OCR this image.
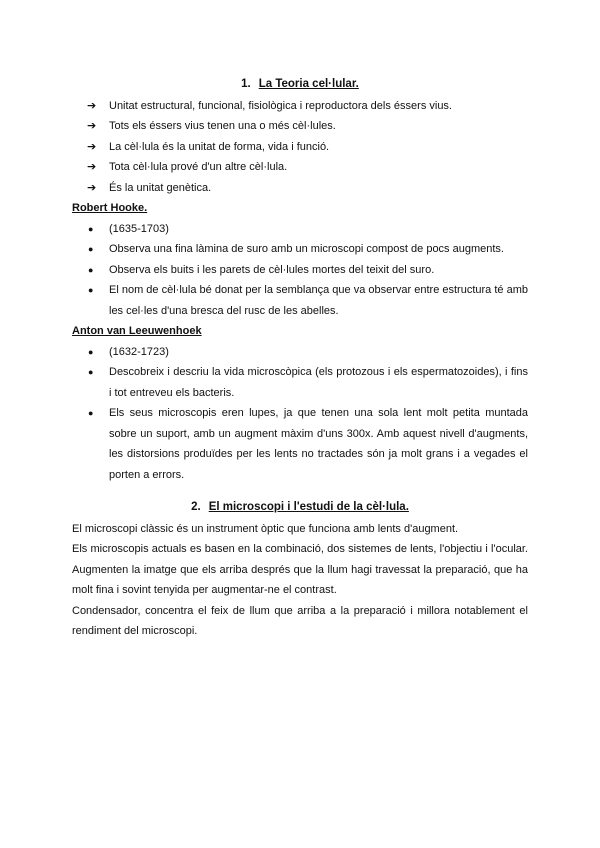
1. La Teoria cel·lular.
➔ Unitat estructural, funcional, fisiològica i reproductora dels éssers vius.
➔ Tots els éssers vius tenen una o més cèl·lules.
➔ La cèl·lula és la unitat de forma, vida i funció.
➔ Tota cèl·lula prové d'un altre cèl·lula.
➔ És la unitat genètica.
Robert Hooke.
● (1635-1703)
● Observa una fina làmina de suro amb un microscopi compost de pocs augments.
● Observa els buits i les parets de cèl·lules mortes del teixit del suro.
● El nom de cèl·lula bé donat per la semblança que va observar entre estructura té amb les cel·les d'una bresca del rusc de les abelles.
Anton van Leeuwenhoek
● (1632-1723)
● Descobreix i descriu la vida microscòpica (els protozous i els espermatozoides), i fins i tot entreveu els bacteris.
● Els seus microscopis eren lupes, ja que tenen una sola lent molt petita muntada sobre un suport, amb un augment màxim d'uns 300x. Amb aquest nivell d'augments, les distorsions produïdes per les lents no tractades són ja molt grans i a vegades el porten a errors.
2. El microscopi i l'estudi de la cèl·lula.

El microscopi clàssic és un instrument òptic que funciona amb lents d'augment.

Els microscopis actuals es basen en la combinació, dos sistemes de lents, l'objectiu i l'ocular. Augmenten la imatge que els arriba després que la llum hagi travessat la preparació, que ha molt fina i sovint tenyida per augmentar-ne el contrast.

Condensador, concentra el feix de llum que arriba a la preparació i millora notablement el rendiment del microscopi.
